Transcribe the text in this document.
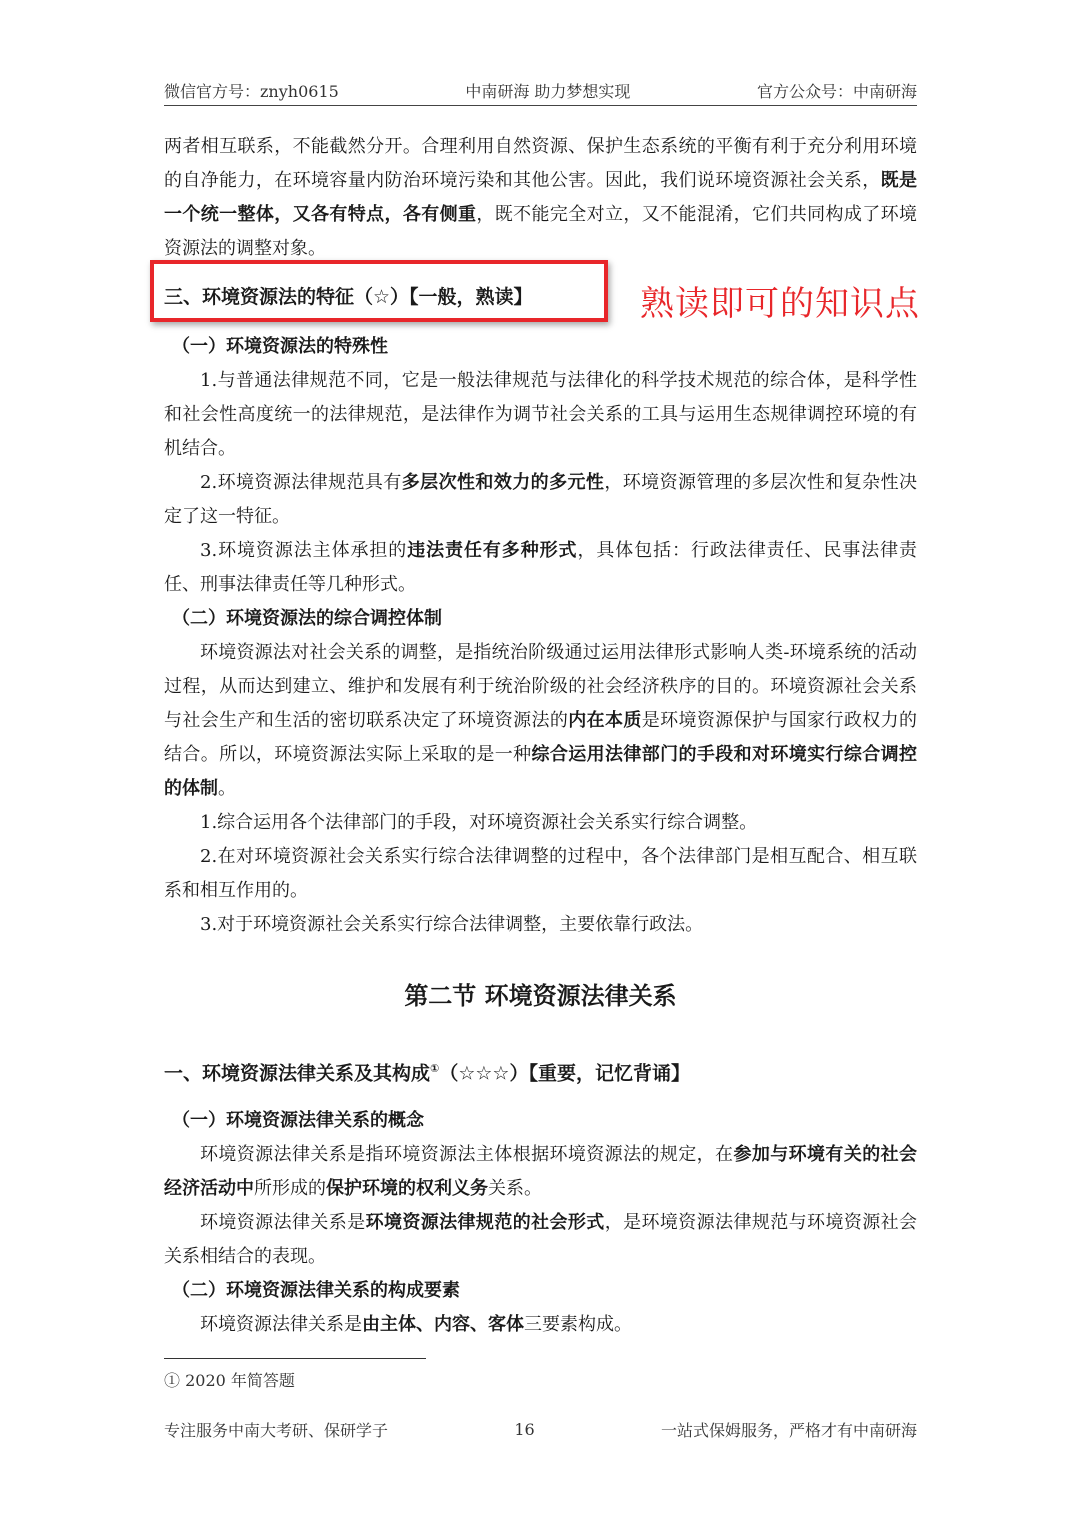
微信官方号：znyh0615	中南研海 助力梦想实现	官方公众号：中南研海

两者相互联系，不能截然分开。合理利用自然资源、保护生态系统的平衡有利于充分利用环境的自净能力，在环境容量内防治环境污染和其他公害。因此，我们说环境资源社会关系，既是一个统一整体，又各有特点，各有侧重，既不能完全对立，又不能混淆，它们共同构成了环境资源法的调整对象。

三、环境资源法的特征（☆）【一般，熟读】	熟读即可的知识点

（一）环境资源法的特殊性

1.与普通法律规范不同，它是一般法律规范与法律化的科学技术规范的综合体，是科学性和社会性高度统一的法律规范，是法律作为调节社会关系的工具与运用生态规律调控环境的有机结合。

2.环境资源法律规范具有多层次性和效力的多元性，环境资源管理的多层次性和复杂性决定了这一特征。

3.环境资源法主体承担的违法责任有多种形式，具体包括：行政法律责任、民事法律责任、刑事法律责任等几种形式。

（二）环境资源法的综合调控体制

环境资源法对社会关系的调整，是指统治阶级通过运用法律形式影响人类-环境系统的活动过程，从而达到建立、维护和发展有利于统治阶级的社会经济秩序的目的。环境资源社会关系与社会生产和生活的密切联系决定了环境资源法的内在本质是环境资源保护与国家行政权力的结合。所以，环境资源法实际上采取的是一种综合运用法律部门的手段和对环境实行综合调控的体制。

1.综合运用各个法律部门的手段，对环境资源社会关系实行综合调整。

2.在对环境资源社会关系实行综合法律调整的过程中，各个法律部门是相互配合、相互联系和相互作用的。

3.对于环境资源社会关系实行综合法律调整，主要依靠行政法。

第二节 环境资源法律关系

一、环境资源法律关系及其构成①（☆☆☆）【重要，记忆背诵】

（一）环境资源法律关系的概念

环境资源法律关系是指环境资源法主体根据环境资源法的规定，在参加与环境有关的社会经济活动中所形成的保护环境的权利义务关系。

环境资源法律关系是环境资源法律规范的社会形式，是环境资源法律规范与环境资源社会关系相结合的表现。

（二）环境资源法律关系的构成要素

环境资源法律关系是由主体、内容、客体三要素构成。

① 2020 年简答题
专注服务中南大考研、保研学子	16	一站式保姆服务，严格才有中南研海
